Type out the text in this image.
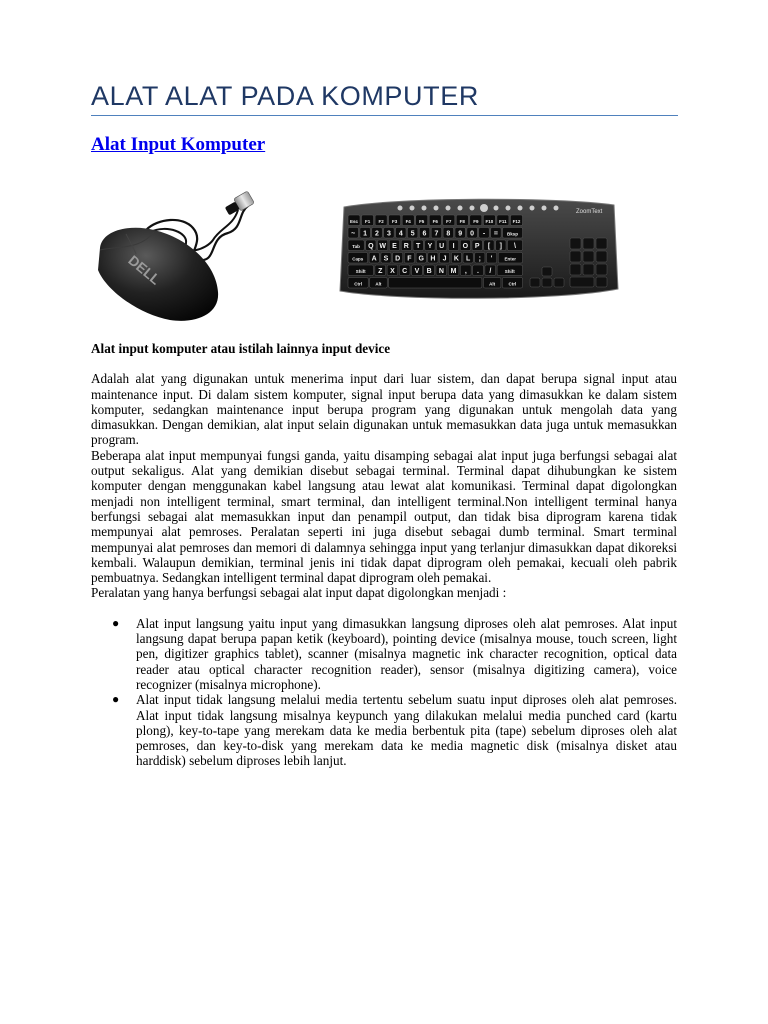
ALAT ALAT PADA KOMPUTER
Alat Input Komputer
DELL
ZoomText
Esc F1 F2 F3 F4 F5 F6 F7 F8 F9 F10 F11 F12
~ 1 2 3 4 5 6 7 8 9 0 - = Bksp
Tab Q W E R T Y U I O P [ ] \
Caps A S D F G H J K L ; '	Enter
Shift Z X C V B N M , . /	Shift
Ctrl	Alt	Alt	Ctrl

Alat input komputer atau istilah lainnya input device

Adalah alat yang digunakan untuk menerima input dari luar sistem, dan dapat berupa signal input atau maintenance input. Di dalam sistem komputer, signal input berupa data yang dimasukkan ke dalam sistem komputer, sedangkan maintenance input berupa program yang digunakan untuk mengolah data yang dimasukkan. Dengan demikian, alat input selain digunakan untuk memasukkan data juga untuk memasukkan program.

Beberapa alat input mempunyai fungsi ganda, yaitu disamping sebagai alat input juga berfungsi sebagai alat output sekaligus. Alat yang demikian disebut sebagai terminal. Terminal dapat dihubungkan ke sistem komputer dengan menggunakan kabel langsung atau lewat alat komunikasi. Terminal dapat digolongkan menjadi non intelligent terminal, smart terminal, dan intelligent terminal.Non intelligent terminal hanya berfungsi sebagai alat memasukkan input dan penampil output, dan tidak bisa diprogram karena tidak mempunyai alat pemroses. Peralatan seperti ini juga disebut sebagai dumb terminal. Smart terminal mempunyai alat pemroses dan memori di dalamnya sehingga input yang terlanjur dimasukkan dapat dikoreksi kembali. Walaupun demikian, terminal jenis ini tidak dapat diprogram oleh pemakai, kecuali oleh pabrik pembuatnya. Sedangkan intelligent terminal dapat diprogram oleh pemakai.

Peralatan yang hanya berfungsi sebagai alat input dapat digolongkan menjadi :

● Alat input langsung yaitu input yang dimasukkan langsung diproses oleh alat pemroses. Alat input langsung dapat berupa papan ketik (keyboard), pointing device (misalnya mouse, touch screen, light pen, digitizer graphics tablet), scanner (misalnya magnetic ink character recognition, optical data reader atau optical character recognition reader), sensor (misalnya digitizing camera), voice recognizer (misalnya microphone).
● Alat input tidak langsung melalui media tertentu sebelum suatu input diproses oleh alat pemroses. Alat input tidak langsung misalnya keypunch yang dilakukan melalui media punched card (kartu plong), key-to-tape yang merekam data ke media berbentuk pita (tape) sebelum diproses oleh alat pemroses, dan key-to-disk yang merekam data ke media magnetic disk (misalnya disket atau harddisk) sebelum diproses lebih lanjut.
